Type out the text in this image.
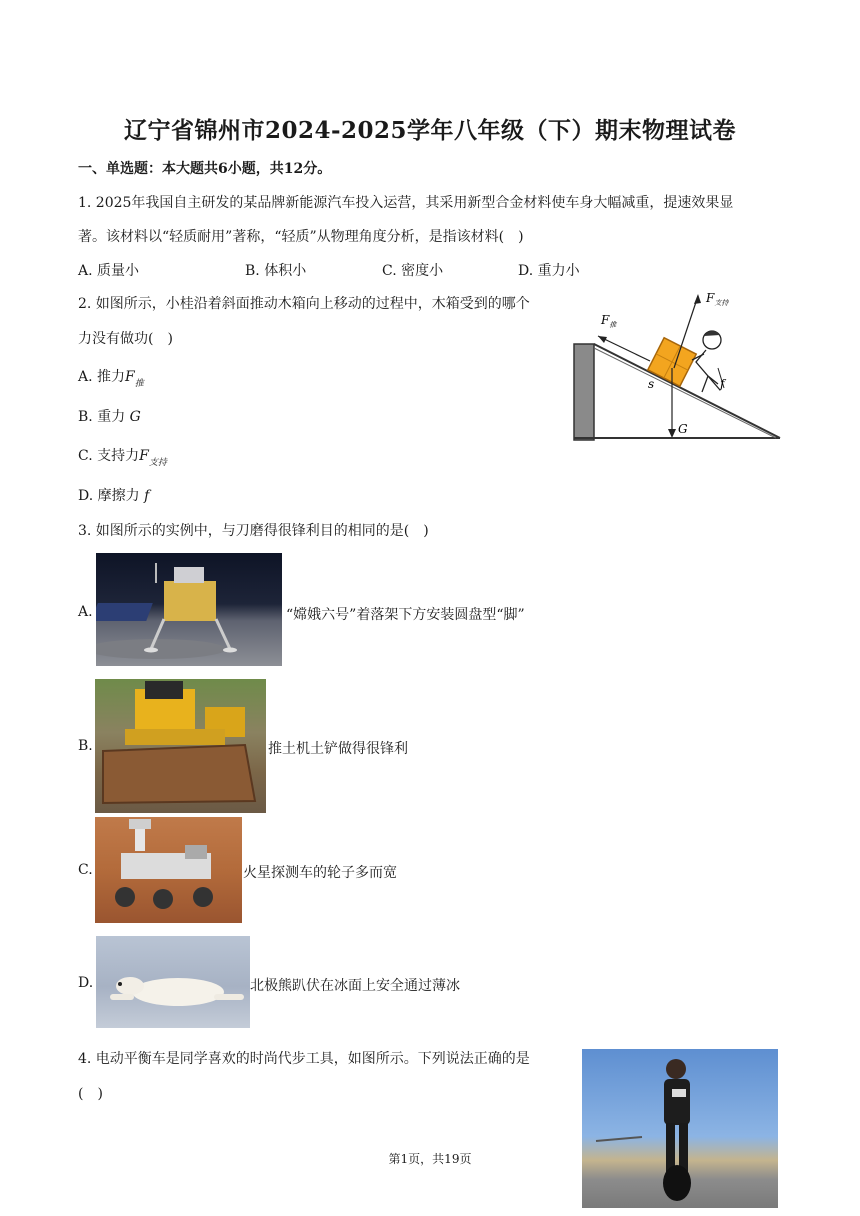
辽宁省锦州市2024-2025学年八年级（下）期末物理试卷
一、单选题：本大题共6小题，共12分。
1. 2025年我国自主研发的某品牌新能源汽车投入运营，其采用新型合金材料使车身大幅减重，提速效果显
著。该材料以“轻质耐用”著称，“轻质”从物理角度分析，是指该材料(　)
A. 质量小	B. 体积小	C. 密度小	D. 重力小
2. 如图所示，小桂沿着斜面推动木箱向上移动的过程中，木箱受到的哪个
力没有做功(　)
A. 推力$F_推$
B. 重力 G
C. 支持力$F_{支持}$
D. 摩擦力 f
$F_推$
$F_{支持}$
G
s	f
3. 如图所示的实例中，与刀磨得很锋利目的相同的是(　)
A.	“嫦娥六号”着落架下方安装圆盘型“脚”
B.	推土机土铲做得很锋利
C.	火星探测车的轮子多而宽
D.	北极熊趴伏在冰面上安全通过薄冰
4. 电动平衡车是同学喜欢的时尚代步工具，如图所示。下列说法正确的是
(　)
第1页，共19页
